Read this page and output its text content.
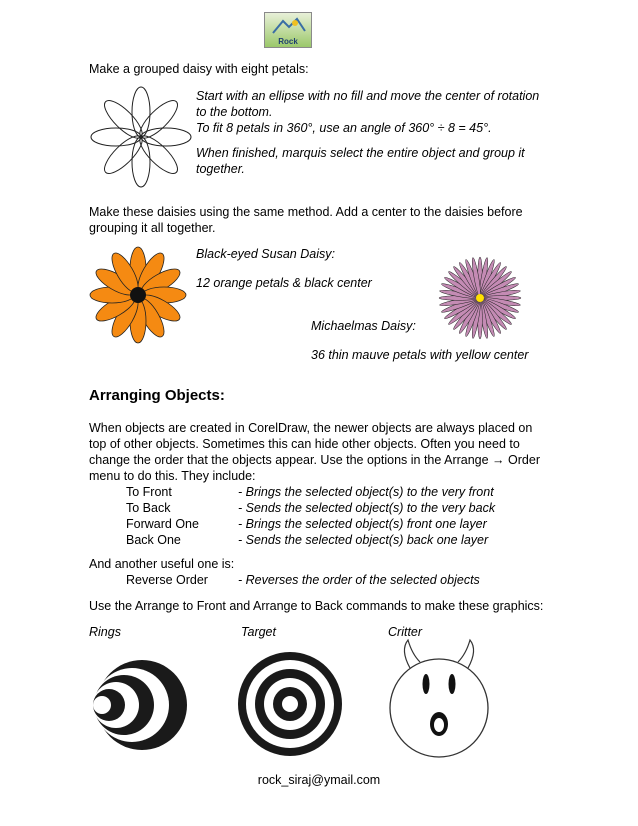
Rock
Make a grouped daisy with eight petals:
Start with an ellipse with no fill and move the center of rotation
to the bottom.
To fit 8 petals in 360°, use an angle of 360° ÷ 8 = 45°.
When finished, marquis select the entire object and group it
together.
Make these daisies using the same method. Add a center to the daisies before
grouping it all together.
Black-eyed Susan Daisy:
12 orange petals & black center
Michaelmas Daisy:
36 thin mauve petals with yellow center
Arranging Objects:
When objects are created in CorelDraw, the newer objects are always placed on
top of other objects. Sometimes this can hide other objects. Often you need to
change the order that the objects appear. Use the options in the Arrange → Order
menu to do this. They include:
To Front	- Brings the selected object(s) to the very front
To Back	- Sends the selected object(s) to the very back
Forward One	- Brings the selected object(s) front one layer
Back One	- Sends the selected object(s) back one layer
And another useful one is:
Reverse Order - Reverses the order of the selected objects
Use the Arrange to Front and Arrange to Back commands to make these graphics:
Rings	Target	Critter
rock_siraj@ymail.com
